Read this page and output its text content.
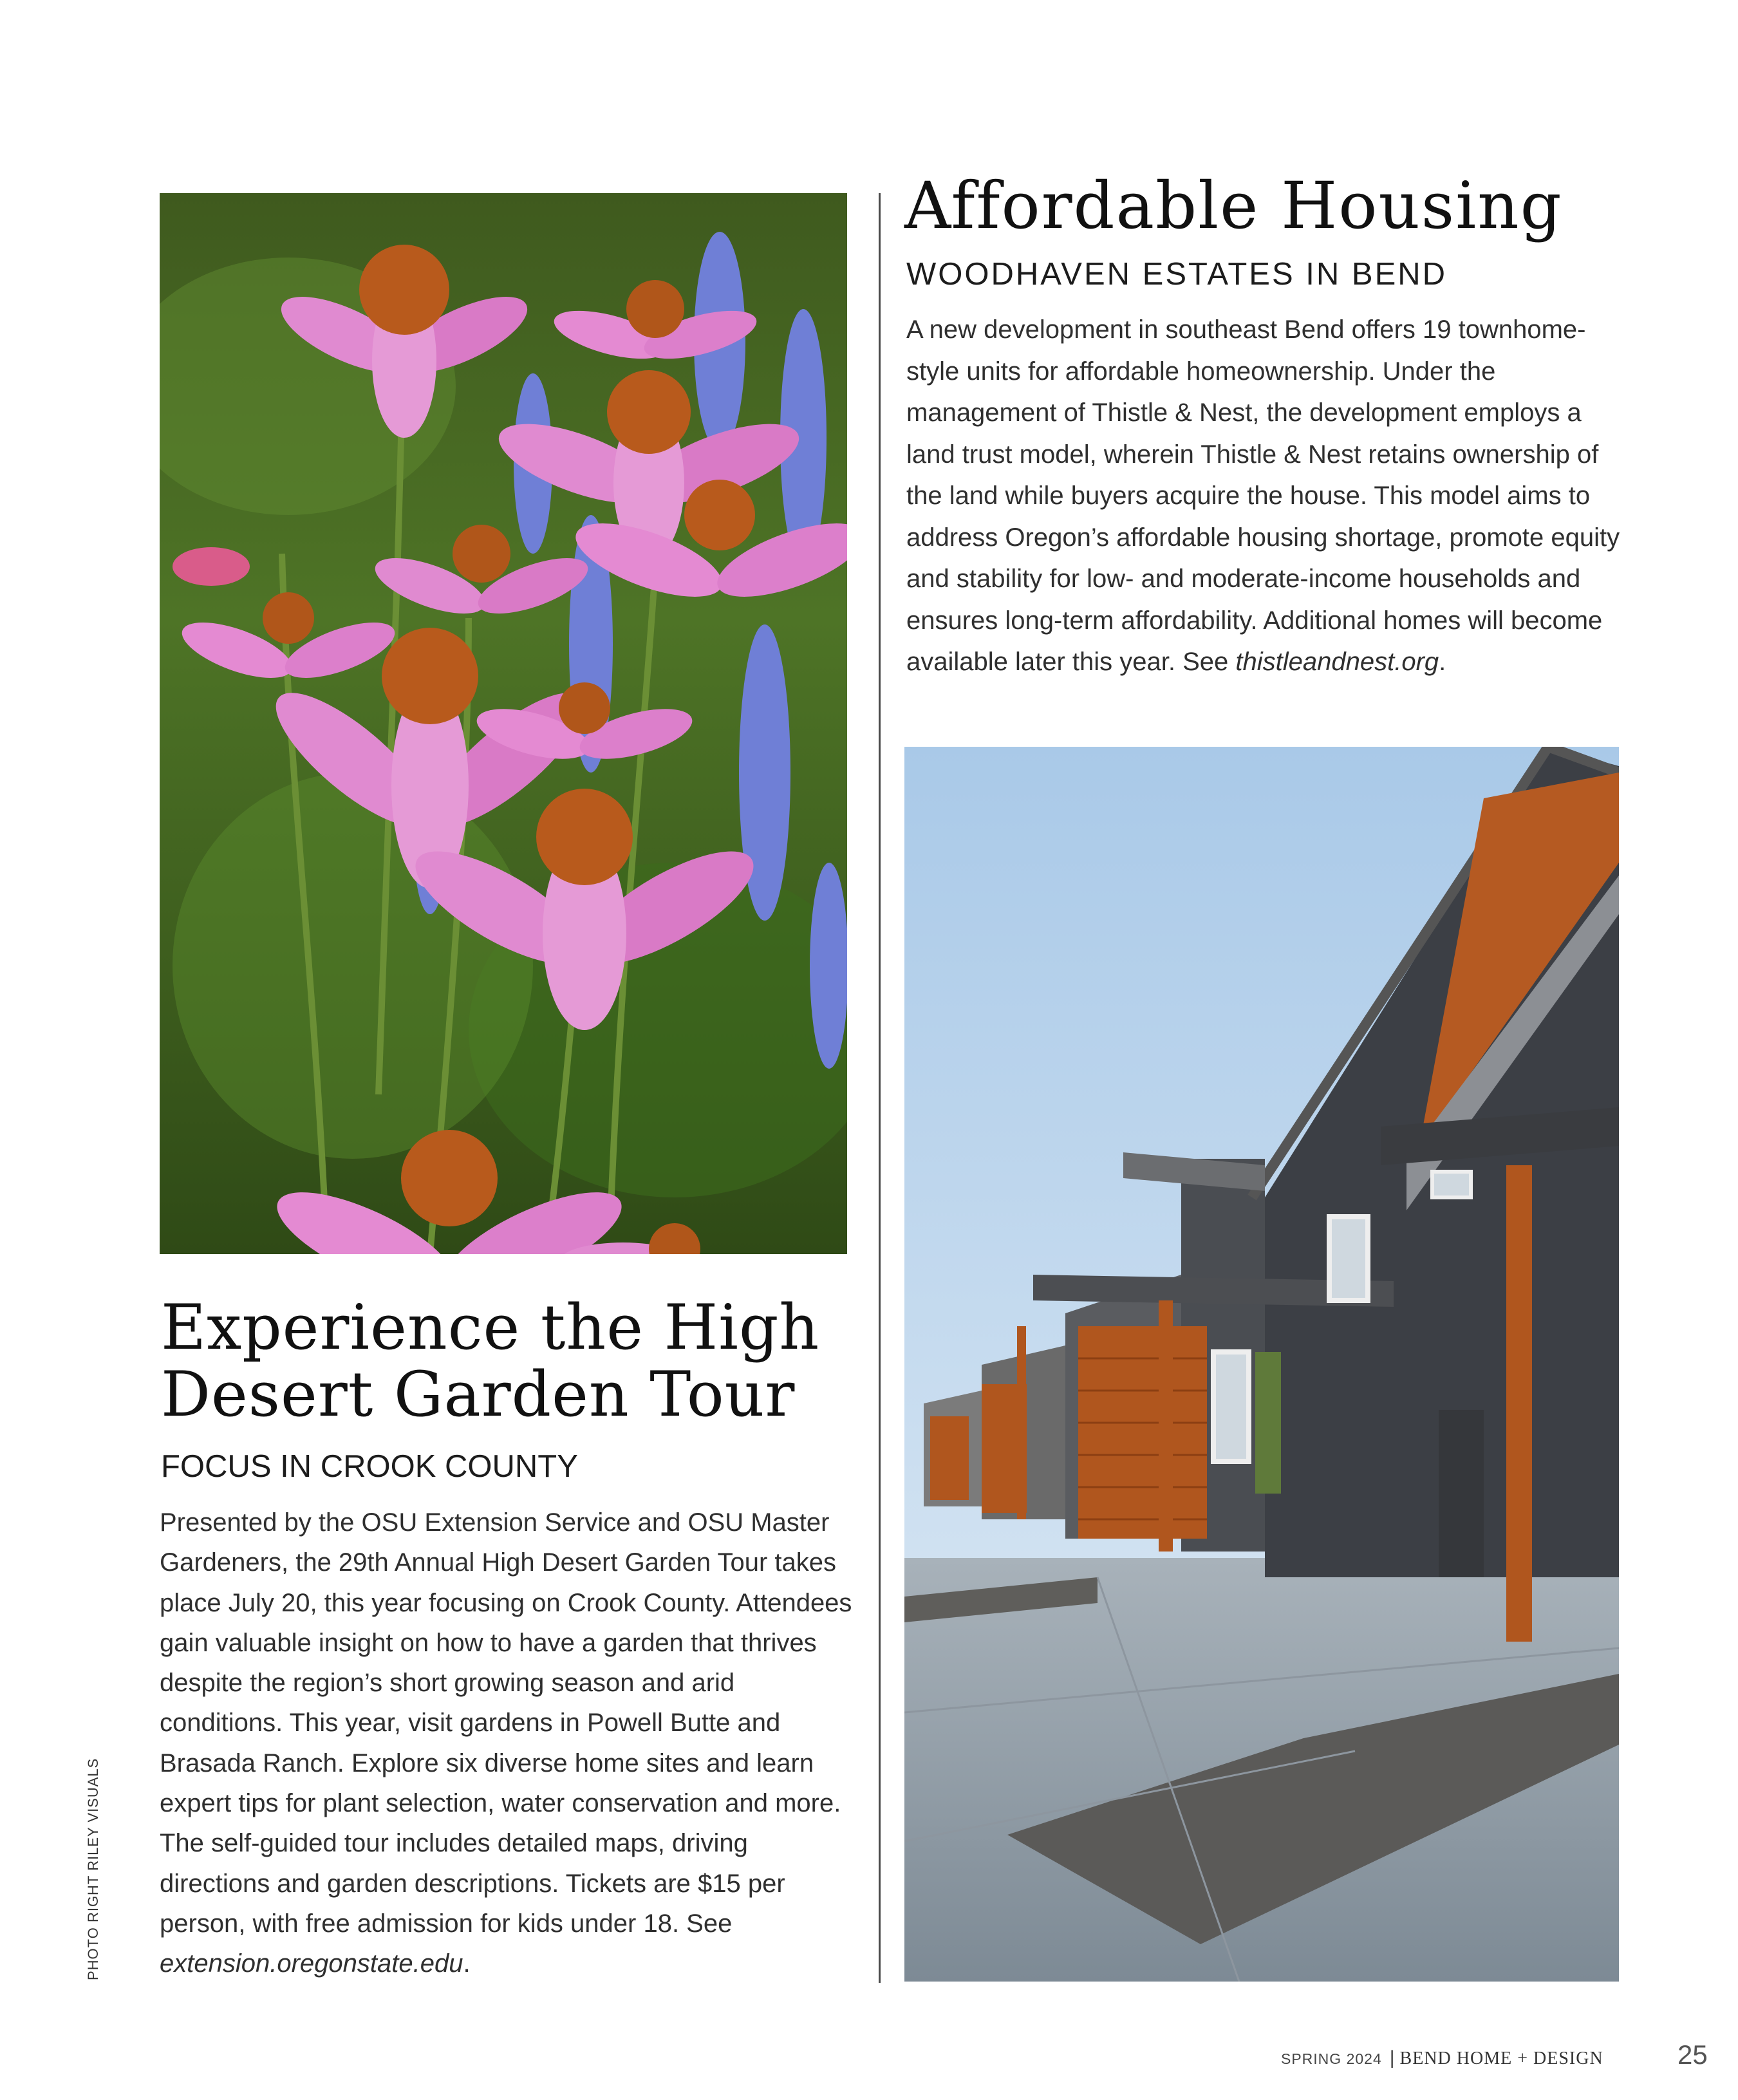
Affordable Housing
WOODHAVEN ESTATES IN BEND
A new development in southeast Bend offers 19 townhome-style units for affordable homeownership. Under the management of Thistle & Nest, the development employs a land trust model, wherein Thistle & Nest retains ownership of the land while buyers acquire the house. This model aims to address Oregon’s affordable housing shortage, promote equity and stability for low- and moderate-income households and ensures long-term affordability. Additional homes will become available later this year. See thistleandnest.org.
Experience the High Desert Garden Tour
FOCUS IN CROOK COUNTY
Presented by the OSU Extension Service and OSU Master Gardeners, the 29th Annual High Desert Garden Tour takes place July 20, this year focusing on Crook County. Attendees gain valuable insight on how to have a garden that thrives despite the region’s short growing season and arid conditions. This year, visit gardens in Powell Butte and Brasada Ranch. Explore six diverse home sites and learn expert tips for plant selection, water conservation and more. The self-guided tour includes detailed maps, driving directions and garden descriptions. Tickets are $15 per person, with free admission for kids under 18. See extension.oregonstate.edu.
PHOTO RIGHT RILEY VISUALS
SPRING 2024 | BEND HOME + DESIGN	25
